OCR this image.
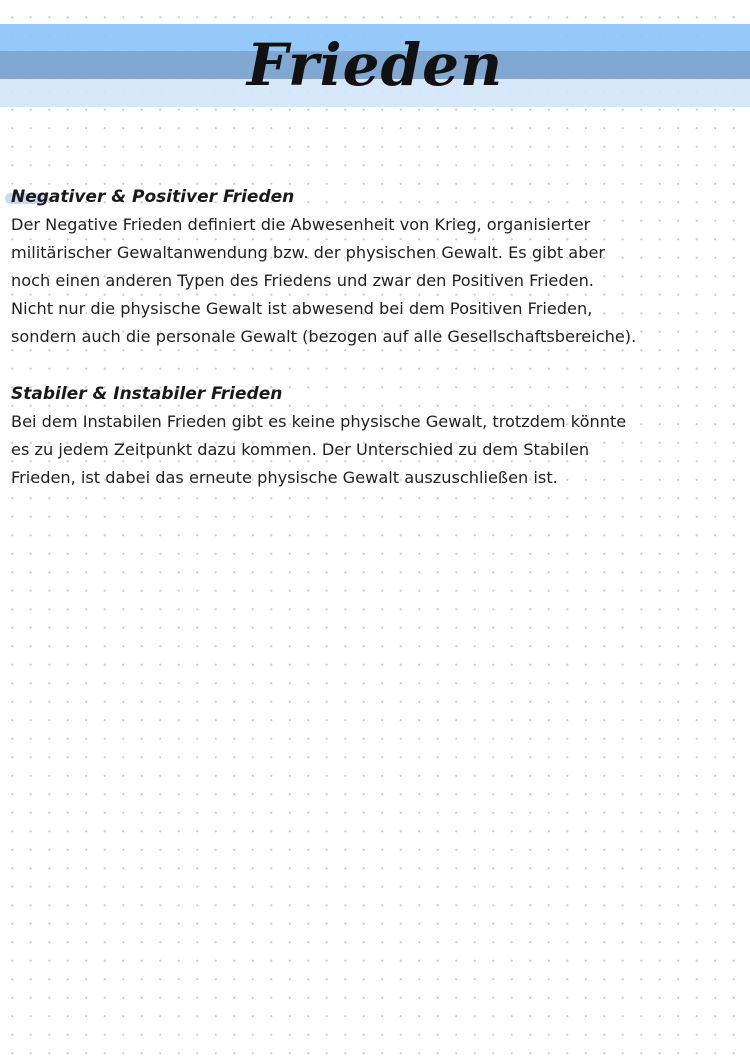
Frieden
Negativer & Positiver Frieden
Der Negative Frieden definiert die Abwesenheit von Krieg, organisierter
militärischer Gewaltanwendung bzw. der physischen Gewalt. Es gibt aber
noch einen anderen Typen des Friedens und zwar den Positiven Frieden.
Nicht nur die physische Gewalt ist abwesend bei dem Positiven Frieden,
sondern auch die personale Gewalt (bezogen auf alle Gesellschaftsbereiche).
Stabiler & Instabiler Frieden
Bei dem Instabilen Frieden gibt es keine physische Gewalt, trotzdem könnte
es zu jedem Zeitpunkt dazu kommen. Der Unterschied zu dem Stabilen
Frieden, ist dabei das erneute physische Gewalt auszuschließen ist.
